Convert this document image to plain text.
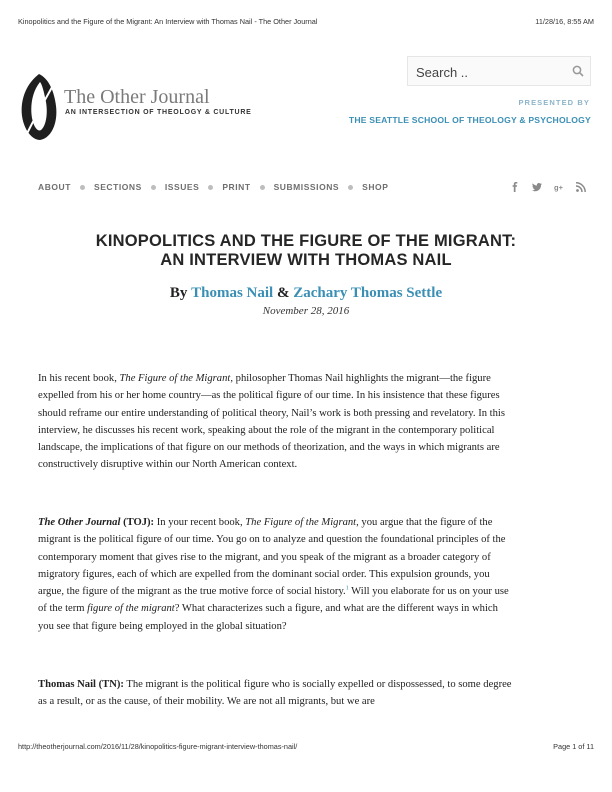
Kinopolitics and the Figure of the Migrant: An Interview with Thomas Nail - The Other Journal	11/28/16, 8:55 AM
The Other Journal
AN INTERSECTION OF THEOLOGY & CULTURE
Search ..
PRESENTED BY
THE SEATTLE SCHOOL OF THEOLOGY & PSYCHOLOGY
ABOUT	SECTIONS	ISSUES	PRINT	SUBMISSIONS	SHOP	g+
KINOPOLITICS AND THE FIGURE OF THE MIGRANT:
AN INTERVIEW WITH THOMAS NAIL
By Thomas Nail & Zachary Thomas Settle
November 28, 2016

In his recent book, The Figure of the Migrant, philosopher Thomas Nail highlights the migrant—the figure expelled from his or her home country—as the political figure of our time. In his insistence that these figures should reframe our entire understanding of political theory, Nail’s work is both pressing and revelatory. In this interview, he discusses his recent work, speaking about the role of the migrant in the contemporary political landscape, the implications of that figure on our methods of theorization, and the ways in which migrants are constructively disruptive within our North American context.

The Other Journal (TOJ): In your recent book, The Figure of the Migrant, you argue that the figure of the migrant is the political figure of our time. You go on to analyze and question the foundational principles of the contemporary moment that gives rise to the migrant, and you speak of the migrant as a broader category of migratory figures, each of which are expelled from the dominant social order. This expulsion grounds, you argue, the figure of the migrant as the true motive force of social history.$^1$ Will you elaborate for us on your use of the term figure of the migrant? What characterizes such a figure, and what are the different ways in which you see that figure being employed in the global situation?

Thomas Nail (TN): The migrant is the political figure who is socially expelled or dispossessed, to some degree as a result, or as the cause, of their mobility. We are not all migrants, but we are

http://theotherjournal.com/2016/11/28/kinopolitics-figure-migrant-interview-thomas-nail/	Page 1 of 11
